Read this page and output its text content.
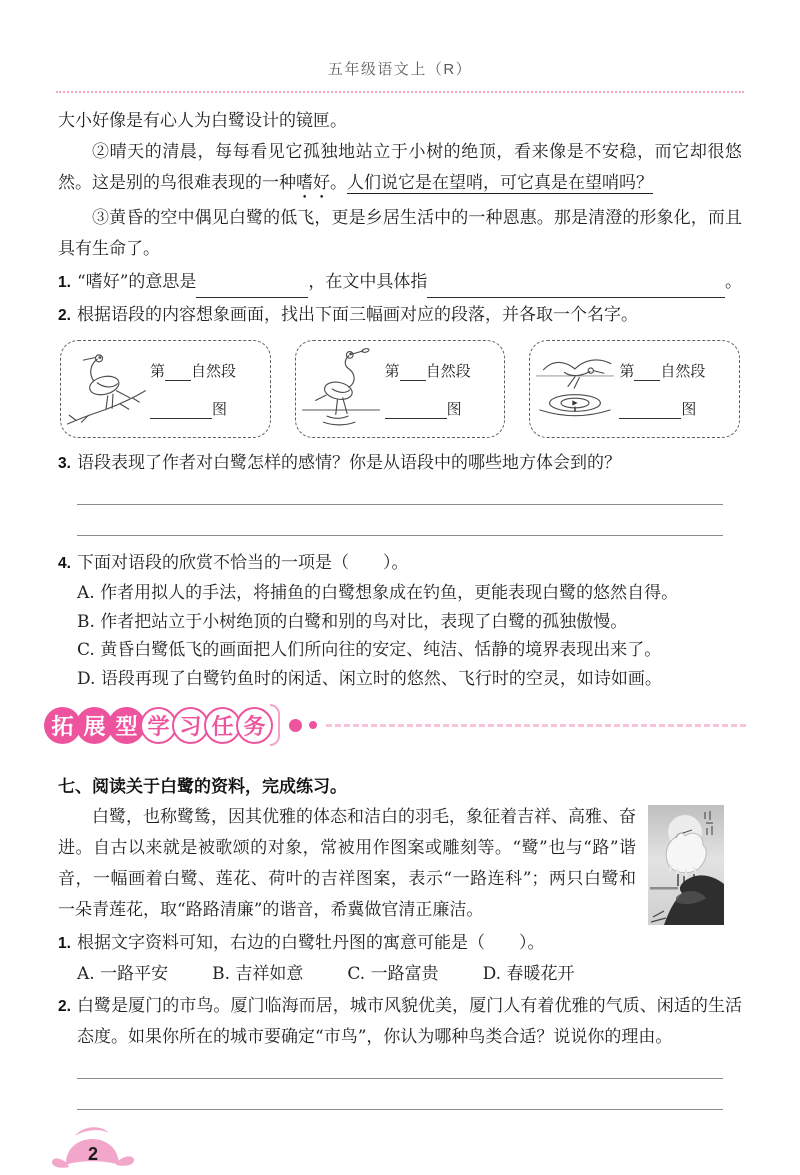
五年级语文上（R）

大小好像是有心人为白鹭设计的镜匣。

②晴天的清晨，每每看见它孤独地站立于小树的绝顶，看来像是不安稳，而它却很悠然。这是别的鸟很难表现的一种嗜好。人们说它是在望哨，可它真是在望哨吗？

③黄昏的空中偶见白鹭的低飞，更是乡居生活中的一种恩惠。那是清澄的形象化，而且具有生命了。

1. “嗜好”的意思是	，在文中具体指	。
2. 根据语段的内容想象画面，找出下面三幅画对应的段落，并各取一个名字。
第 自然段
图
第 自然段
图
第 自然段
图
3. 语段表现了作者对白鹭怎样的感情？你是从语段中的哪些地方体会到的？
4. 下面对语段的欣赏不恰当的一项是（　　）。
A. 作者用拟人的手法，将捕鱼的白鹭想象成在钓鱼，更能表现白鹭的悠然自得。
B. 作者把站立于小树绝顶的白鹭和别的鸟对比，表现了白鹭的孤独傲慢。
C. 黄昏白鹭低飞的画面把人们所向往的安定、纯洁、恬静的境界表现出来了。
D. 语段再现了白鹭钓鱼时的闲适、闲立时的悠然、飞行时的空灵，如诗如画。
拓 展 型 学 习 任 务
七、阅读关于白鹭的资料，完成练习。

白鹭，也称鹭鸶，因其优雅的体态和洁白的羽毛，象征着吉祥、高雅、奋进。自古以来就是被歌颂的对象，常被用作图案或雕刻等。“鹭”也与“路”谐音，一幅画着白鹭、莲花、荷叶的吉祥图案，表示“一路连科”；两只白鹭和一朵青莲花，取“路路清廉”的谐音，希冀做官清正廉洁。

1. 根据文字资料可知，右边的白鹭牡丹图的寓意可能是（　　）。
A. 一路平安	B. 吉祥如意	C. 一路富贵	D. 春暖花开
2. 白鹭是厦门的市鸟。厦门临海而居，城市风貌优美，厦门人有着优雅的气质、闲适的生活态度。如果你所在的城市要确定“市鸟”，你认为哪种鸟类合适？说说你的理由。
2
